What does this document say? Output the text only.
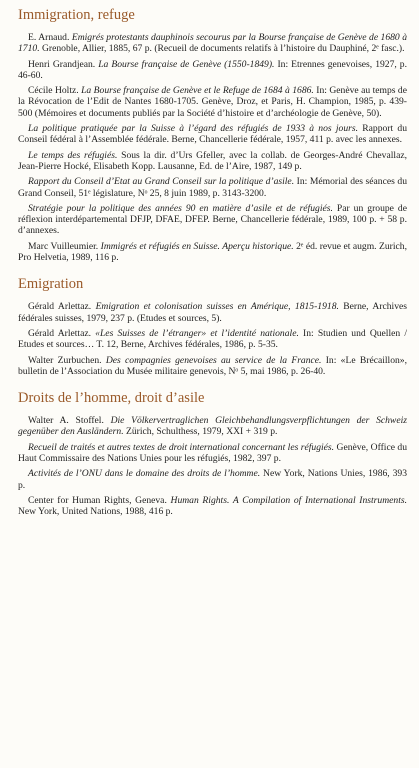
Immigration, refuge

E. Arnaud. Emigrés protestants dauphinois secourus par la Bourse française de Genève de 1680 à 1710. Grenoble, Allier, 1885, 67 p. (Recueil de documents relatifs à l’histoire du Dauphiné, 2ᵉ fasc.).

Henri Grandjean. La Bourse française de Genève (1550-1849). In: Etrennes genevoises, 1927, p. 46-60.

Cécile Holtz. La Bourse française de Genève et le Refuge de 1684 à 1686. In: Genève au temps de la Révocation de l’Edit de Nantes 1680-1705. Genève, Droz, et Paris, H. Champion, 1985, p. 439-500 (Mémoires et documents publiés par la Société d’histoire et d’archéologie de Genève, 50).

La politique pratiquée par la Suisse à l’égard des réfugiés de 1933 à nos jours. Rapport du Conseil fédéral à l’Assemblée fédérale. Berne, Chancellerie fédérale, 1957, 411 p. avec les annexes.

Le temps des réfugiés. Sous la dir. d’Urs Gfeller, avec la collab. de Georges-André Chevallaz, Jean-Pierre Hocké, Elisabeth Kopp. Lausanne, Ed. de l’Aire, 1987, 149 p.

Rapport du Conseil d’Etat au Grand Conseil sur la politique d’asile. In: Mémorial des séances du Grand Conseil, 51ᵉ législature, Nᵒ 25, 8 juin 1989, p. 3143-3200.

Stratégie pour la politique des années 90 en matière d’asile et de réfugiés. Par un groupe de réflexion interdépartemental DFJP, DFAE, DFEP. Berne, Chancellerie fédérale, 1989, 100 p. + 58 p. d’annexes.

Marc Vuilleumier. Immigrés et réfugiés en Suisse. Aperçu historique. 2ᵉ éd. revue et augm. Zurich, Pro Helvetia, 1989, 116 p.

Emigration

Gérald Arlettaz. Emigration et colonisation suisses en Amérique, 1815-1918. Berne, Archives fédérales suisses, 1979, 237 p. (Etudes et sources, 5).

Gérald Arlettaz. «Les Suisses de l’étranger» et l’identité nationale. In: Studien und Quellen / Etudes et sources… T. 12, Berne, Archives fédérales, 1986, p. 5-35.

Walter Zurbuchen. Des compagnies genevoises au service de la France. In: «Le Brécaillon», bulletin de l’Association du Musée militaire genevois, Nᵒ 5, mai 1986, p. 26-40.

Droits de l’homme, droit d’asile

Walter A. Stoffel. Die Völkervertraglichen Gleichbehandlungsverpflichtungen der Schweiz gegenüber den Ausländern. Zürich, Schulthess, 1979, XXI + 319 p.

Recueil de traités et autres textes de droit international concernant les réfugiés. Genève, Office du Haut Commissaire des Nations Unies pour les réfugiés, 1982, 397 p.

Activités de l’ONU dans le domaine des droits de l’homme. New York, Nations Unies, 1986, 393 p.

Center for Human Rights, Geneva. Human Rights. A Compilation of International Instruments. New York, United Nations, 1988, 416 p.
